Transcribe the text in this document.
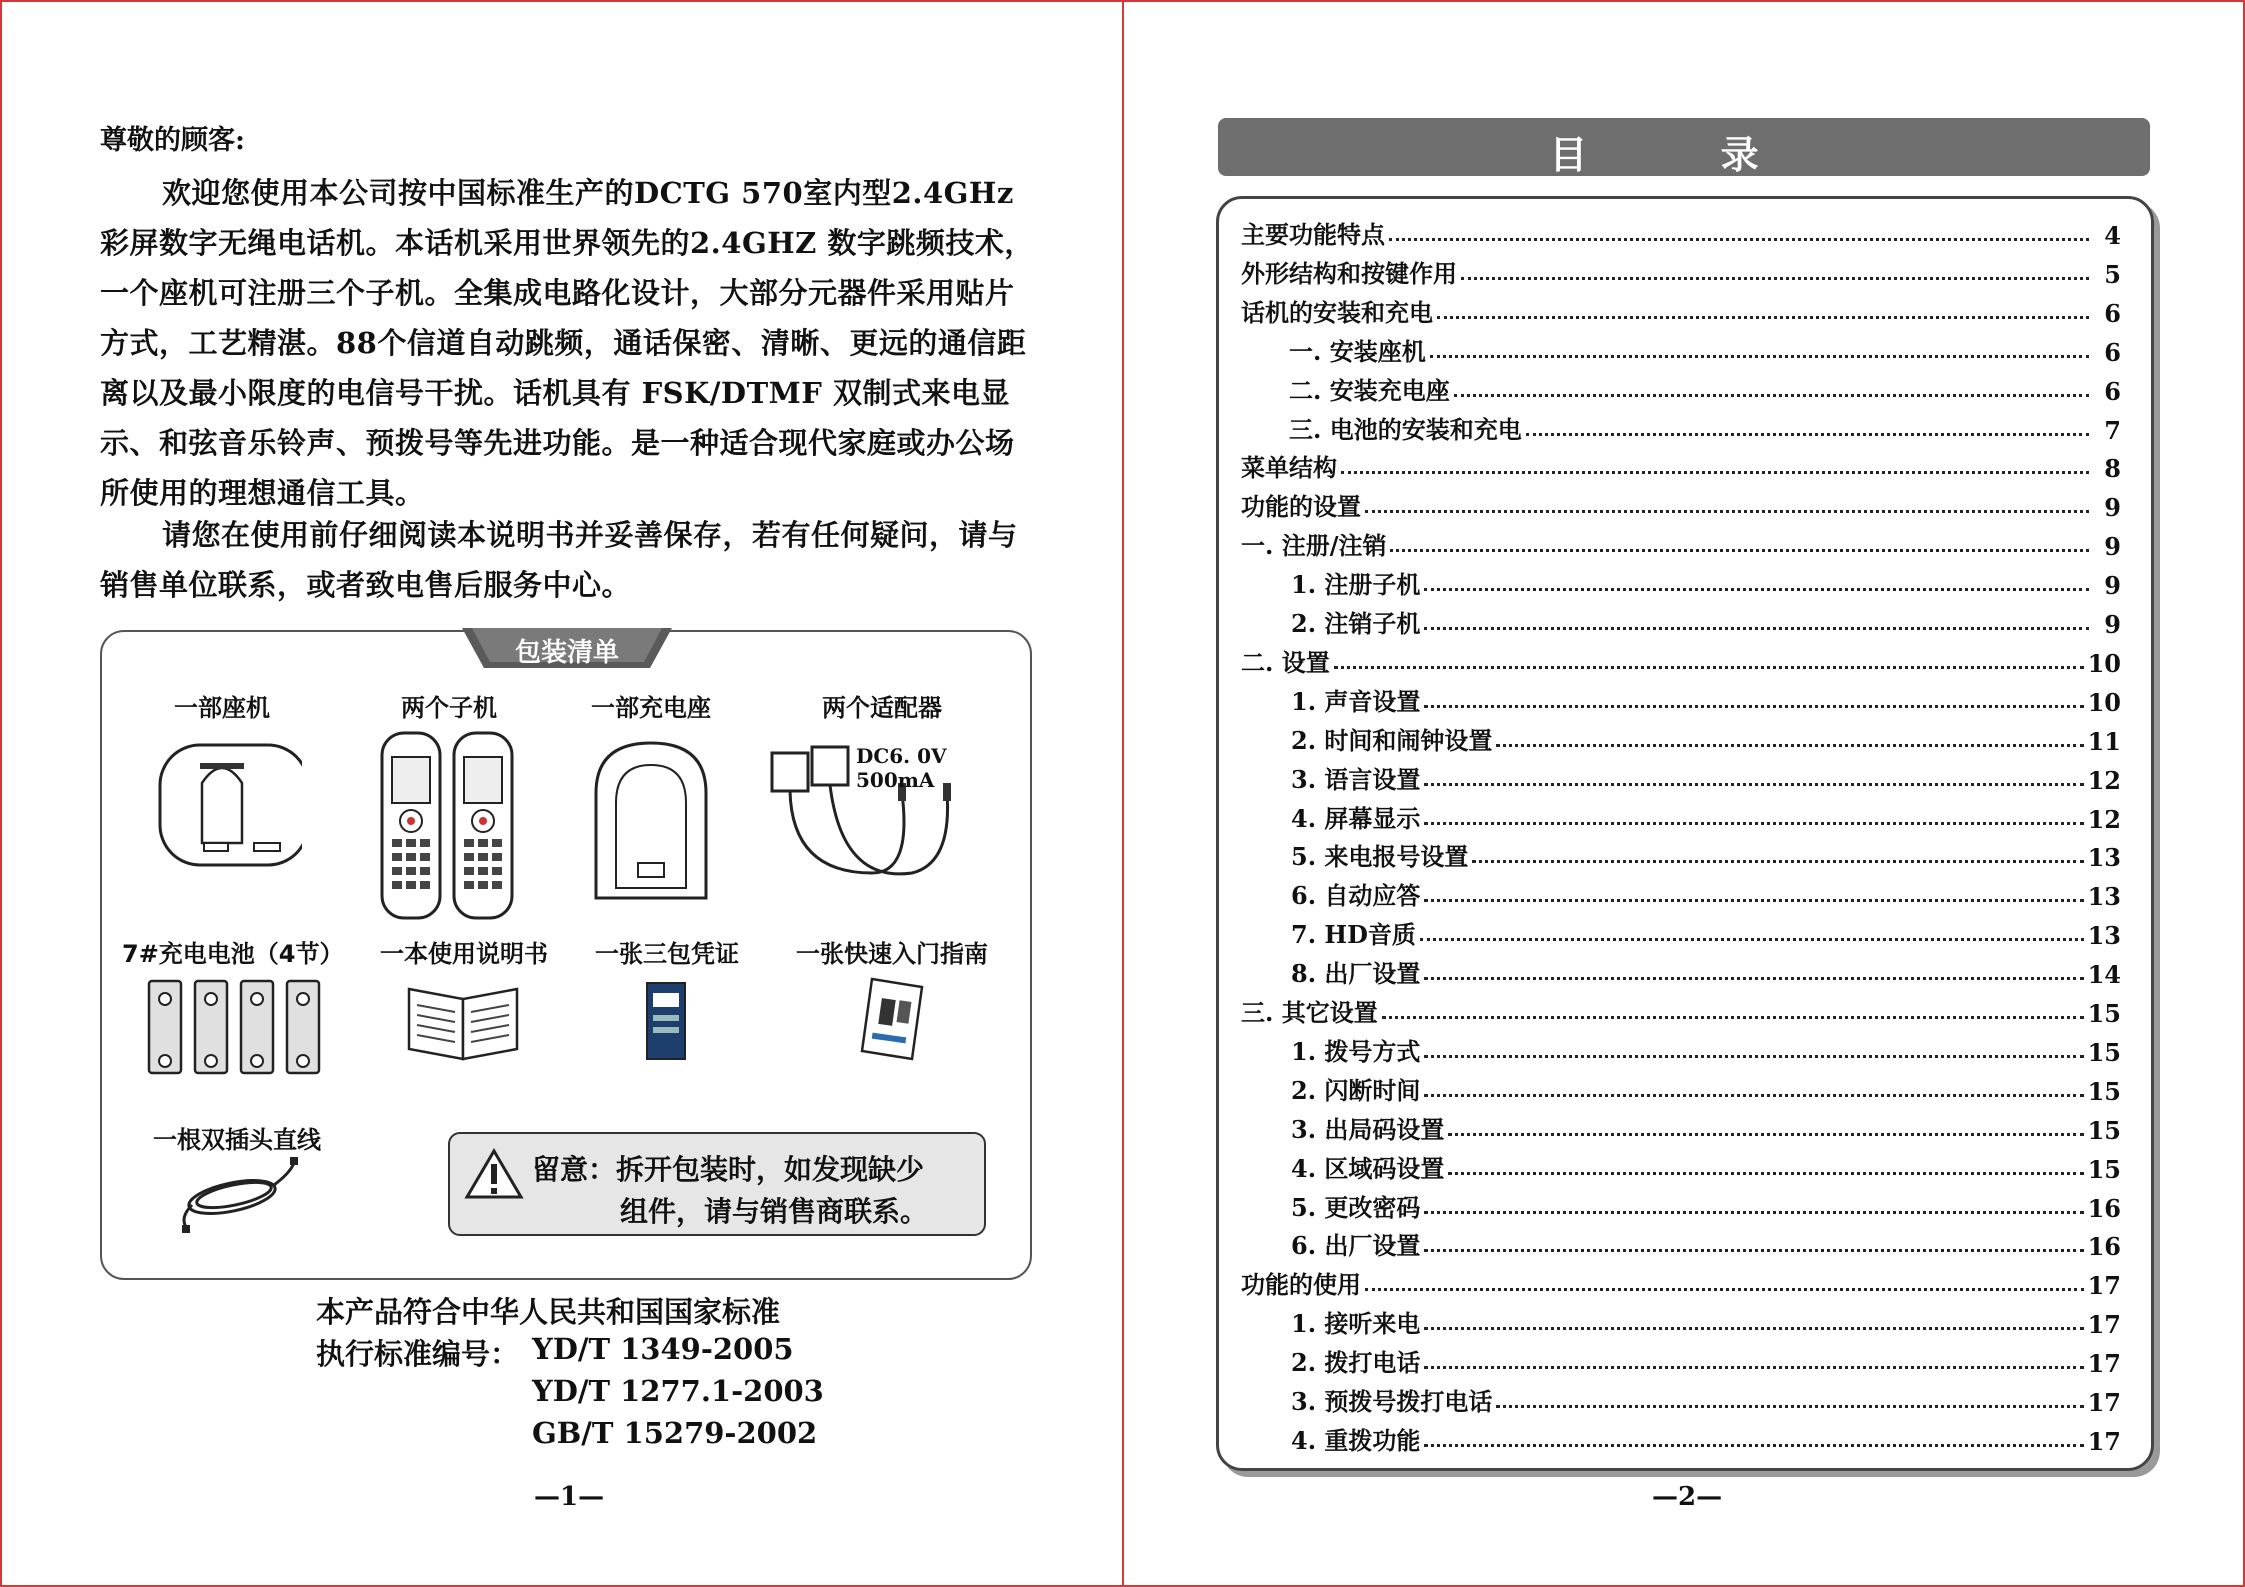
尊敬的顾客:
欢迎您使用本公司按中国标准生产的DCTG 570室内型2.4GHz彩屏数字无绳电话机。本话机采用世界领先的2.4GHZ 数字跳频技术，一个座机可注册三个子机。全集成电路化设计，大部分元器件采用贴片方式，工艺精湛。88个信道自动跳频，通话保密、清晰、更远的通信距离以及最小限度的电信号干扰。话机具有 FSK/DTMF 双制式来电显示、和弦音乐铃声、预拨号等先进功能。是一种适合现代家庭或办公场所使用的理想通信工具。
请您在使用前仔细阅读本说明书并妥善保存，若有任何疑问，请与销售单位联系，或者致电售后服务中心。
包装清单
一部座机	两个子机	一部充电座	两个适配器
DC6. 0V 500mA
7#充电电池（4节） 一本使用说明书 一张三包凭证	一张快速入门指南
一根双插头直线
留意：拆开包装时，如发现缺少
组件，请与销售商联系。
本产品符合中华人民共和国国家标准
执行标准编号： YD/T 1349-2005
YD/T 1277.1-2003
GB/T 15279-2002
—1—
目 录
主要功能特点	4
外形结构和按键作用	5
话机的安装和充电	6
一. 安装座机	6
二. 安装充电座	6
三. 电池的安装和充电	7
菜单结构	8
功能的设置	9
一. 注册/注销	9
1. 注册子机	9
2. 注销子机	9
二. 设置	10
1. 声音设置	10
2. 时间和闹钟设置	11
3. 语言设置	12
4. 屏幕显示	12
5. 来电报号设置	13
6. 自动应答	13
7. HD音质	13
8. 出厂设置	14
三. 其它设置	15
1. 拨号方式	15
2. 闪断时间	15
3. 出局码设置	15
4. 区域码设置	15
5. 更改密码	16
6. 出厂设置	16
功能的使用	17
1. 接听来电	17
2. 拨打电话	17
3. 预拨号拨打电话	17
4. 重拨功能	17
—2—
